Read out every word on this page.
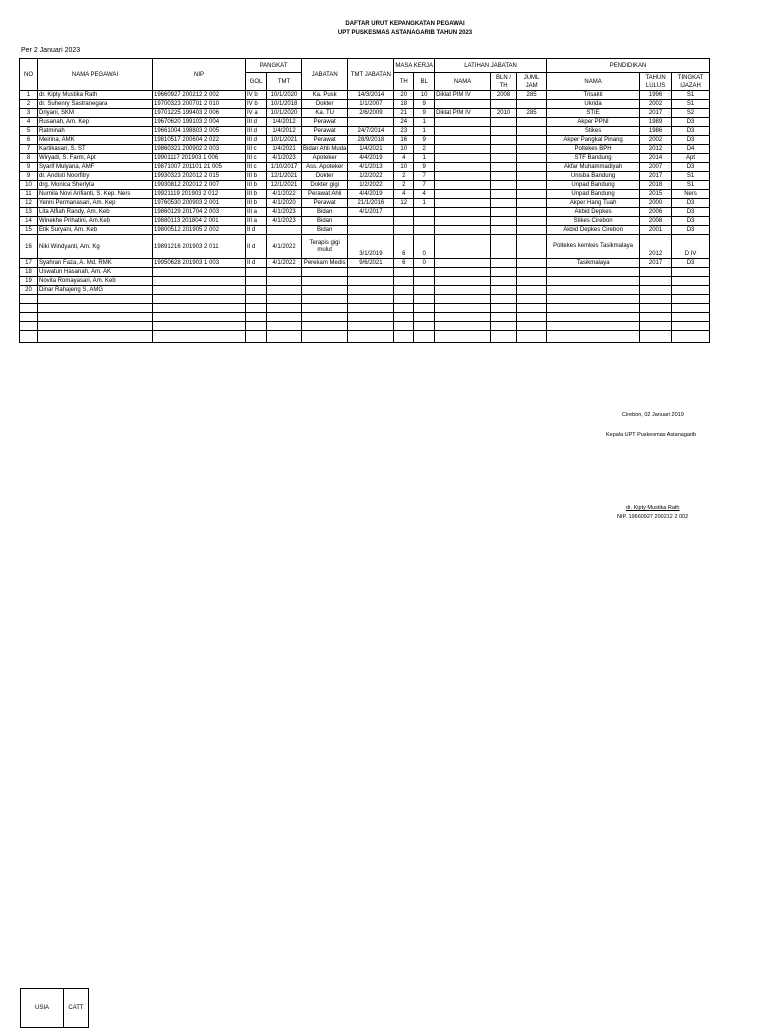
DAFTAR URUT KEPANGKATAN PEGAWAI
UPT PUSKESMAS ASTANAGARIB TAHUN 2023
Per 2 Januari 2023
NO	NAMA PEGAWAI	NIP	PANGKAT		JABATAN	TMT JABATAN	MASA KERJA		LATIHAN JABATAN			PENDIDIKAN		
			GOL	TMT			TH	BL	NAMA	BLN / TH	JUML JAM	NAMA	TAHUN LULUS	TINGKAT IJAZAH
1	dr. Kipty Mustika Rath	19660927 200212 2 002	IV b	10/1/2020	Ka. Pusk	14/3/2014	20	10	Diklat PIM IV	2008	285	Trisakti	1996	S1
2	dr. Suhenry Sastranegara	19700323 200701 2 010	IV b	10/1/2018	Dokter	1/1/2007	18	9				Ukrida	2002	S1
3	Driyani, SKM	19701225 199403 2 006	IV a	10/1/2020	Ka. TU	2/6/2009	21	9	Diklat PIM IV	2010	285	STIE	2017	S2
4	Rusanah, Am. Kep	19670620 199103 2 004	III d	1/4/2012	Perawat		24	1				Akper PPNI	1989	D3
5	Ratminah	19661004 198803 2 005	III d	1/4/2012	Perawat	24/7/2014	23	1				Stikes	1986	D3
6	Meirina, AMK	19810517 200604 2 022	III d	10/1/2021	Perawat	28/9/2018	16	9				Akper Pangkal Pinang	2002	D3
7	Kartikasari, S. ST	19860321 200902 2 003	III c	1/4/2021	Bidan Ahli Muda	1/4/2021	10	2				Poltekes BPH	2012	D4
8	Wiryadi, S. Farm, Apt	19901117 201903 1 006	III c	4/1/2023	Apoteker	4/4/2019	4	1				STF Bandung	2014	Apt
9	Syarif Mulyana, AMF	19871007 201101 21 005	III c	1/10/2017	Ass. Apoteker	4/1/2013	10	9				Akfar Muhammadiyah	2007	D3
9	dr. Andisti Noorfitry	19930323 202012 2 015	III b	12/1/2021	Dokter	1/2/2022	2	7				Unisba Bandung	2017	S1
10	drg. Monica Sherlyta	19930812 202012 2 007	III b	12/1/2021	Dokter gigi	1/2/2022	2	7				Unpad Bandung	2018	S1
11	Nurnila Novi Arifianti, S. Kep. Ners	19921119 201903 2 012	III b	4/1/2022	Perawat Ahli	4/4/2019	4	4				Unpad Bandung	2015	Ners
12	Yenni Permanasari, Am. Kep	19760530 200903 2 001	III b	4/1/2020	Perawat	21/1/2016	12	1				Akper Hang Tuah	2000	D3
13	Lita Alfiah Randy, Am. Keb	19860129 201704 2 003	III a	4/1/2023	Bidan	4/1/2017						Akbid Depkes	2006	D3
14	Winekhe Prihatini, Am.Keb	19880113 201804 2 001	III a	4/1/2023	Bidan							Stikes Cirebon	2008	D3
15	Etik Suryani, Am. Keb	19800512 201905 2 002	II d		Bidan							Akbid Depkes Cirebon	2001	D3
16	Niki Windyanti, Am. Kg	19891216 201903 2 011	II d	4/1/2022	Terapis gigi mulut	3/1/2019	6	0				Poltekes kemkes Tasikmalaya	2012	D IV
17	Syahran Faza, A. Md. RMK	19950628 201903 1 003	II d	4/1/2022	Perekam Medis	9/6/2021	6	0				Tasikmalaya	2017	D3
18	Uswatun Hasanah, Am. AK													
19	Novita Romayasari, Am. Keb													
20	Dinar Rahajeng S, AMG													

Cirebon, 02 Januari 2019
Kepala UPT Puskesmas Astanagarib
dr. Kipty Mustika Rath
NIP. 19660927 200212 2 002
USIA	CATT
